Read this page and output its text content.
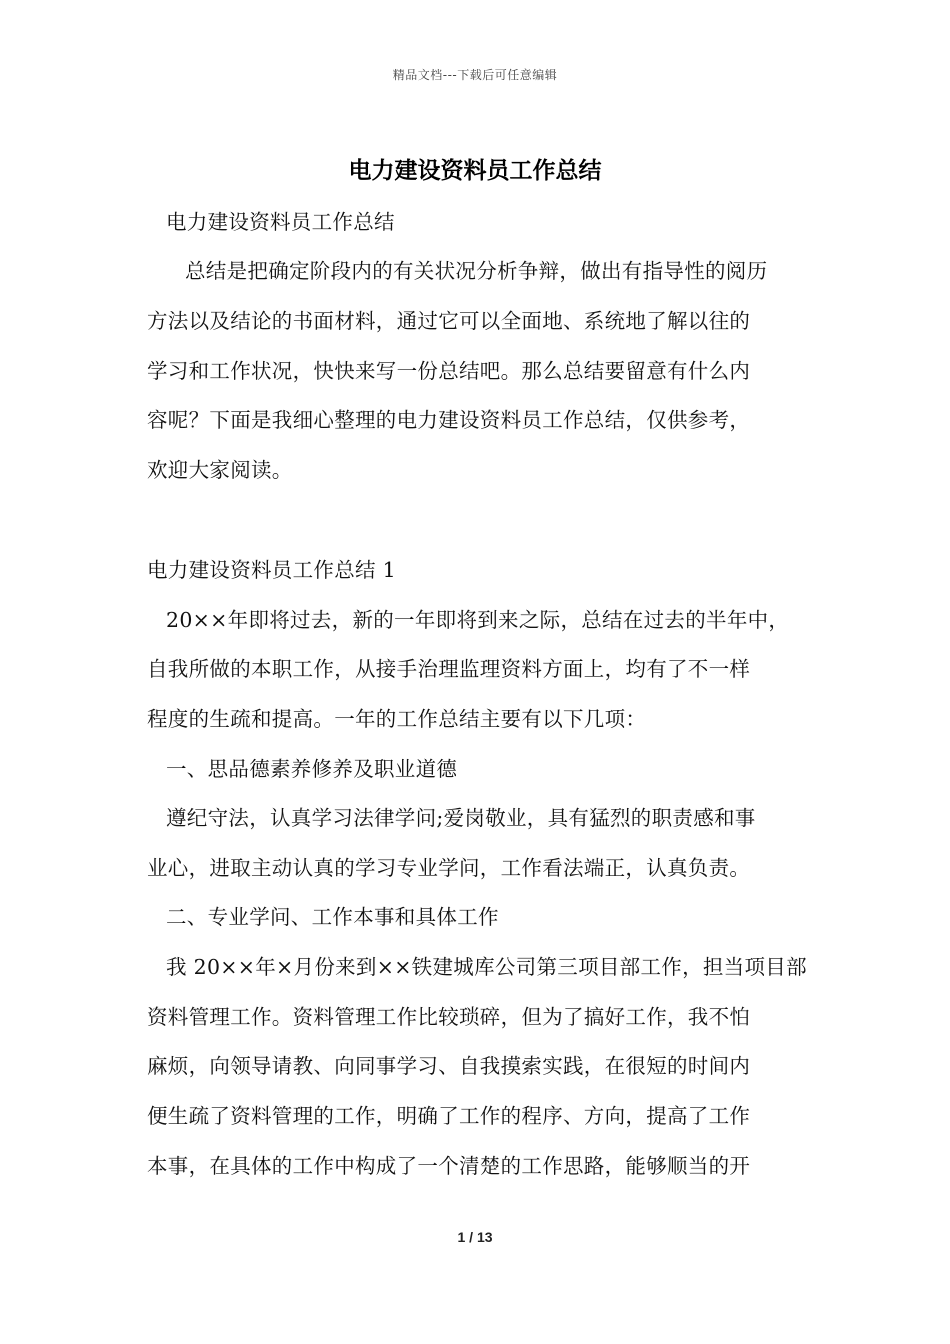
精品文档---下载后可任意编辑
电力建设资料员工作总结
电力建设资料员工作总结
总结是把确定阶段内的有关状况分析争辩，做出有指导性的阅历
方法以及结论的书面材料，通过它可以全面地、系统地了解以往的
学习和工作状况，快快来写一份总结吧。那么总结要留意有什么内
容呢？下面是我细心整理的电力建设资料员工作总结，仅供参考，
欢迎大家阅读。
电力建设资料员工作总结 1
20××年即将过去，新的一年即将到来之际，总结在过去的半年中，
自我所做的本职工作，从接手治理监理资料方面上，均有了不一样
程度的生疏和提高。一年的工作总结主要有以下几项：
一、思品德素养修养及职业道德
遵纪守法，认真学习法律学问;爱岗敬业，具有猛烈的职责感和事
业心，进取主动认真的学习专业学问，工作看法端正，认真负责。
二、专业学问、工作本事和具体工作
我 20××年×月份来到××铁建城库公司第三项目部工作，担当项目部
资料管理工作。资料管理工作比较琐碎，但为了搞好工作，我不怕
麻烦，向领导请教、向同事学习、自我摸索实践，在很短的时间内
便生疏了资料管理的工作，明确了工作的程序、方向，提高了工作
本事，在具体的工作中构成了一个清楚的工作思路，能够顺当的开
1 / 13
